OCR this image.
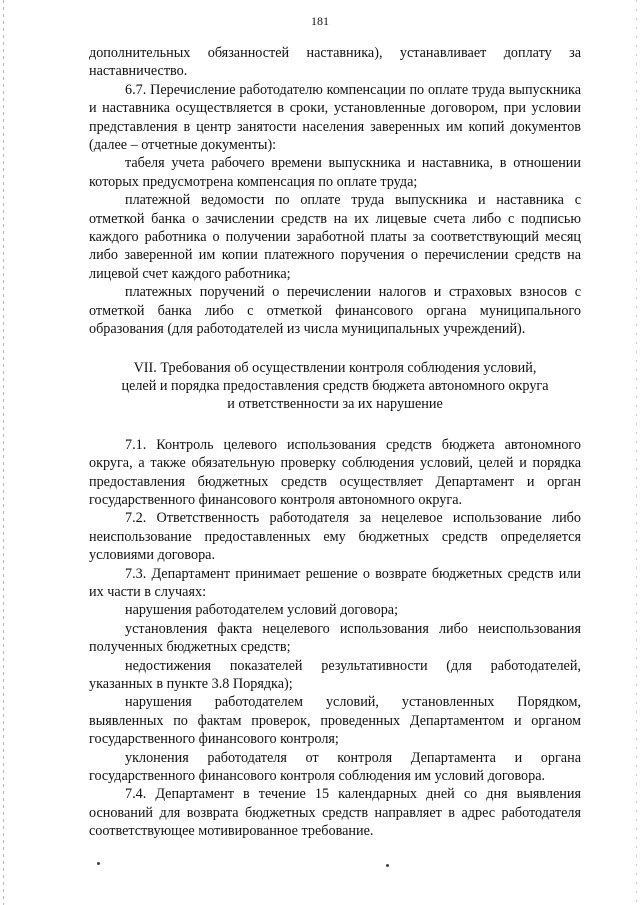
181

дополнительных обязанностей наставника), устанавливает доплату за наставничество.

6.7. Перечисление работодателю компенсации по оплате труда выпускника и наставника осуществляется в сроки, установленные договором, при условии представления в центр занятости населения заверенных им копий документов (далее – отчетные документы):

табеля учета рабочего времени выпускника и наставника, в отношении которых предусмотрена компенсация по оплате труда;

платежной ведомости по оплате труда выпускника и наставника с отметкой банка о зачислении средств на их лицевые счета либо с подписью каждого работника о получении заработной платы за соответствующий месяц либо заверенной им копии платежного поручения о перечислении средств на лицевой счет каждого работника;

платежных поручений о перечислении налогов и страховых взносов с отметкой банка либо с отметкой финансового органа муниципального образования (для работодателей из числа муниципальных учреждений).

VII. Требования об осуществлении контроля соблюдения условий, целей и порядка предоставления средств бюджета автономного округа и ответственности за их нарушение

7.1. Контроль целевого использования средств бюджета автономного округа, а также обязательную проверку соблюдения условий, целей и порядка предоставления бюджетных средств осуществляет Департамент и орган государственного финансового контроля автономного округа.

7.2. Ответственность работодателя за нецелевое использование либо неиспользование предоставленных ему бюджетных средств определяется условиями договора.

7.3. Департамент принимает решение о возврате бюджетных средств или их части в случаях:

нарушения работодателем условий договора;

установления факта нецелевого использования либо неиспользования полученных бюджетных средств;

недостижения показателей результативности (для работодателей, указанных в пункте 3.8 Порядка);

нарушения работодателем условий, установленных Порядком, выявленных по фактам проверок, проведенных Департаментом и органом государственного финансового контроля;

уклонения работодателя от контроля Департамента и органа государственного финансового контроля соблюдения им условий договора.

7.4. Департамент в течение 15 календарных дней со дня выявления оснований для возврата бюджетных средств направляет в адрес работодателя соответствующее мотивированное требование.
